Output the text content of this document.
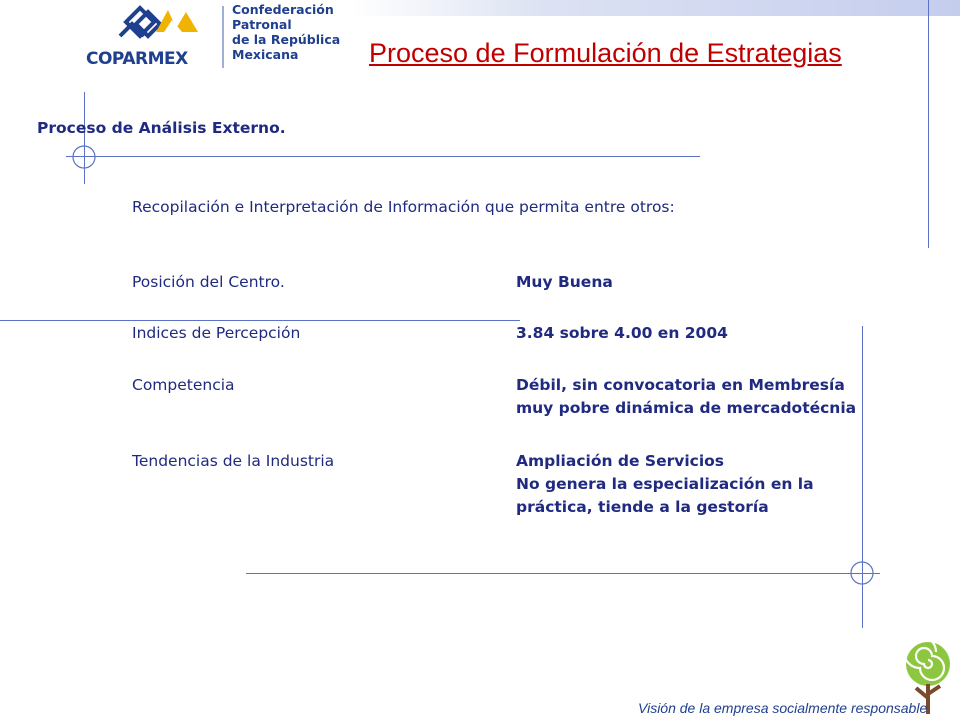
COPARMEX
Confederación
Patronal
de la República
Mexicana	Proceso de Formulación de Estrategias
Proceso de Análisis Externo.
Recopilación e Interpretación de Información que permita entre otros:
Posición del Centro.	Muy Buena
Indices de Percepción	3.84 sobre 4.00 en 2004
Competencia	Débil, sin convocatoria en Membresía
muy pobre dinámica de mercadotécnia
Tendencias de la Industria	Ampliación de Servicios
No genera la especialización en la
práctica, tiende a la gestoría
Visión de la empresa socialmente responsable
